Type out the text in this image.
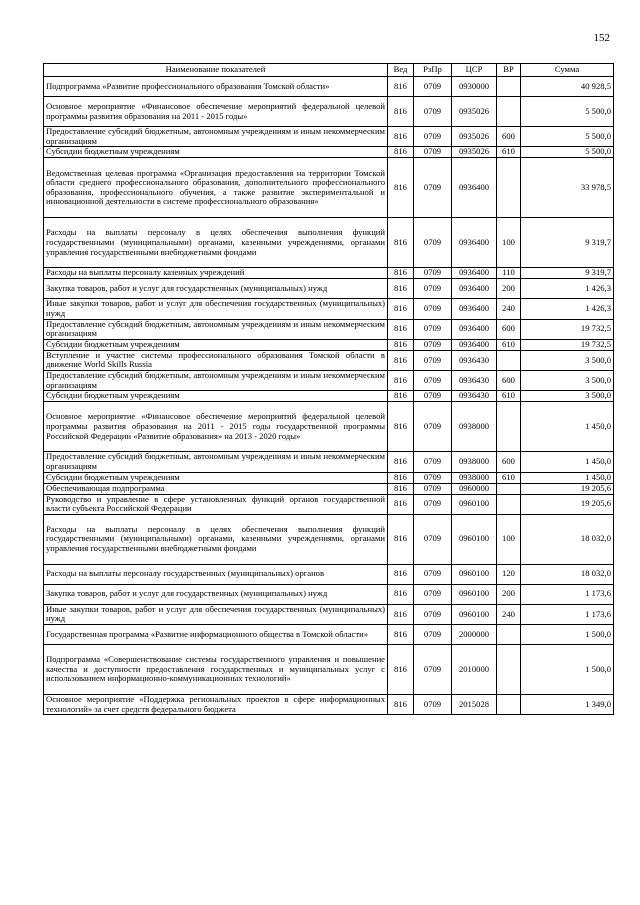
152
Наименование показателей	Вед	РзПр	ЦСР	ВР	Сумма
Подпрограмма «Развитие профессионального образования Томской области»	816	0709	0930000		40 928,5
Основное мероприятие «Финансовое обеспечение мероприятий федеральной целевой программы развития образования на 2011 - 2015 годы»	816	0709	0935026		5 500,0
Предоставление субсидий бюджетным, автономным учреждениям и иным некоммерческим организациям	816	0709	0935026	600	5 500,0
Субсидии бюджетным учреждениям	816	0709	0935026	610	5 500,0
Ведомственная целевая программа «Организация предоставления на территории Томской области среднего профессионального образования, дополнительного профессионального образования, профессионального обучения, а также развитие экспериментальной и инновационной деятельности в системе профессионального образования»	816	0709	0936400		33 978,5
Расходы на выплаты персоналу в целях обеспечения выполнения функций государственными (муниципальными) органами, казенными учреждениями, органами управления государственными внебюджетными фондами	816	0709	0936400	100	9 319,7
Расходы на выплаты персоналу казенных учреждений	816	0709	0936400	110	9 319,7
Закупка товаров, работ и услуг для государственных (муниципальных) нужд	816	0709	0936400	200	1 426,3
Иные закупки товаров, работ и услуг для обеспечения государственных (муниципальных) нужд	816	0709	0936400	240	1 426,3
Предоставление субсидий бюджетным, автономным учреждениям и иным некоммерческим организациям	816	0709	0936400	600	19 732,5
Субсидии бюджетным учреждениям	816	0709	0936400	610	19 732,5
Вступление и участие системы профессионального образования Томской области в движение World Skills Russia	816	0709	0936430		3 500,0
Предоставление субсидий бюджетным, автономным учреждениям и иным некоммерческим организациям	816	0709	0936430	600	3 500,0
Субсидии бюджетным учреждениям	816	0709	0936430	610	3 500,0
Основное мероприятие «Финансовое обеспечение мероприятий федеральной целевой программы развития образования на 2011 - 2015 годы государственной программы Российской Федерации «Развитие образования» на 2013 - 2020 годы»	816	0709	0938000		1 450,0
Предоставление субсидий бюджетным, автономным учреждениям и иным некоммерческим организациям	816	0709	0938000	600	1 450,0
Субсидии бюджетным учреждениям	816	0709	0938000	610	1 450,0
Обеспечивающая подпрограмма	816	0709	0960000		19 205,6
Руководство и управление в сфере установленных функций органов государственной власти субъекта Российской Федерации	816	0709	0960100		19 205,6
Расходы на выплаты персоналу в целях обеспечения выполнения функций государственными (муниципальными) органами, казенными учреждениями, органами управления государственными внебюджетными фондами	816	0709	0960100	100	18 032,0
Расходы на выплаты персоналу государственных (муниципальных) органов	816	0709	0960100	120	18 032,0
Закупка товаров, работ и услуг для государственных (муниципальных) нужд	816	0709	0960100	200	1 173,6
Иные закупки товаров, работ и услуг для обеспечения государственных (муниципальных) нужд	816	0709	0960100	240	1 173,6
Государственная программа «Развитие информационного общества в Томской области»	816	0709	2000000		1 500,0
Подпрограмма «Совершенствование системы государственного управления и повышение качества и доступности предоставления государственных и муниципальных услуг с использованием информационно-коммуникационных технологий»	816	0709	2010000		1 500,0
Основное мероприятие «Поддержка региональных проектов в сфере информационных технологий» за счет средств федерального бюджета	816	0709	2015028		1 349,0
